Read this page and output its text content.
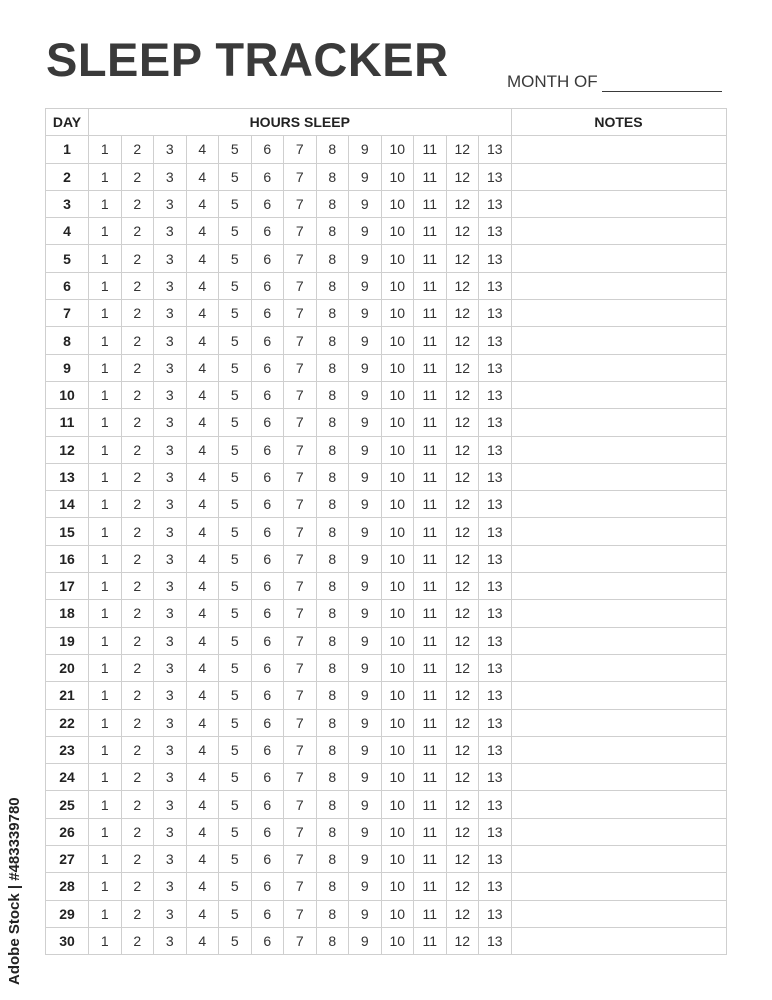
SLEEP TRACKER	MONTH OF
DAY	HOURS SLEEP													NOTES
1	1	2	3	4	5	6	7	8	9	10	11	12	13	
2	1	2	3	4	5	6	7	8	9	10	11	12	13	
3	1	2	3	4	5	6	7	8	9	10	11	12	13	
4	1	2	3	4	5	6	7	8	9	10	11	12	13	
5	1	2	3	4	5	6	7	8	9	10	11	12	13	
6	1	2	3	4	5	6	7	8	9	10	11	12	13	
7	1	2	3	4	5	6	7	8	9	10	11	12	13	
8	1	2	3	4	5	6	7	8	9	10	11	12	13	
9	1	2	3	4	5	6	7	8	9	10	11	12	13	
10	1	2	3	4	5	6	7	8	9	10	11	12	13	
11	1	2	3	4	5	6	7	8	9	10	11	12	13	
12	1	2	3	4	5	6	7	8	9	10	11	12	13	
13	1	2	3	4	5	6	7	8	9	10	11	12	13	
14	1	2	3	4	5	6	7	8	9	10	11	12	13	
15	1	2	3	4	5	6	7	8	9	10	11	12	13	
16	1	2	3	4	5	6	7	8	9	10	11	12	13	
17	1	2	3	4	5	6	7	8	9	10	11	12	13	
18	1	2	3	4	5	6	7	8	9	10	11	12	13	
19	1	2	3	4	5	6	7	8	9	10	11	12	13	
20	1	2	3	4	5	6	7	8	9	10	11	12	13	
21	1	2	3	4	5	6	7	8	9	10	11	12	13	
22	1	2	3	4	5	6	7	8	9	10	11	12	13	
23	1	2	3	4	5	6	7	8	9	10	11	12	13	
24	1	2	3	4	5	6	7	8	9	10	11	12	13	
25	1	2	3	4	5	6	7	8	9	10	11	12	13	
26	1	2	3	4	5	6	7	8	9	10	11	12	13	
27	1	2	3	4	5	6	7	8	9	10	11	12	13	
28	1	2	3	4	5	6	7	8	9	10	11	12	13	
29	1	2	3	4	5	6	7	8	9	10	11	12	13	
30	1	2	3	4	5	6	7	8	9	10	11	12	13	
Adobe Stock | #483339780
